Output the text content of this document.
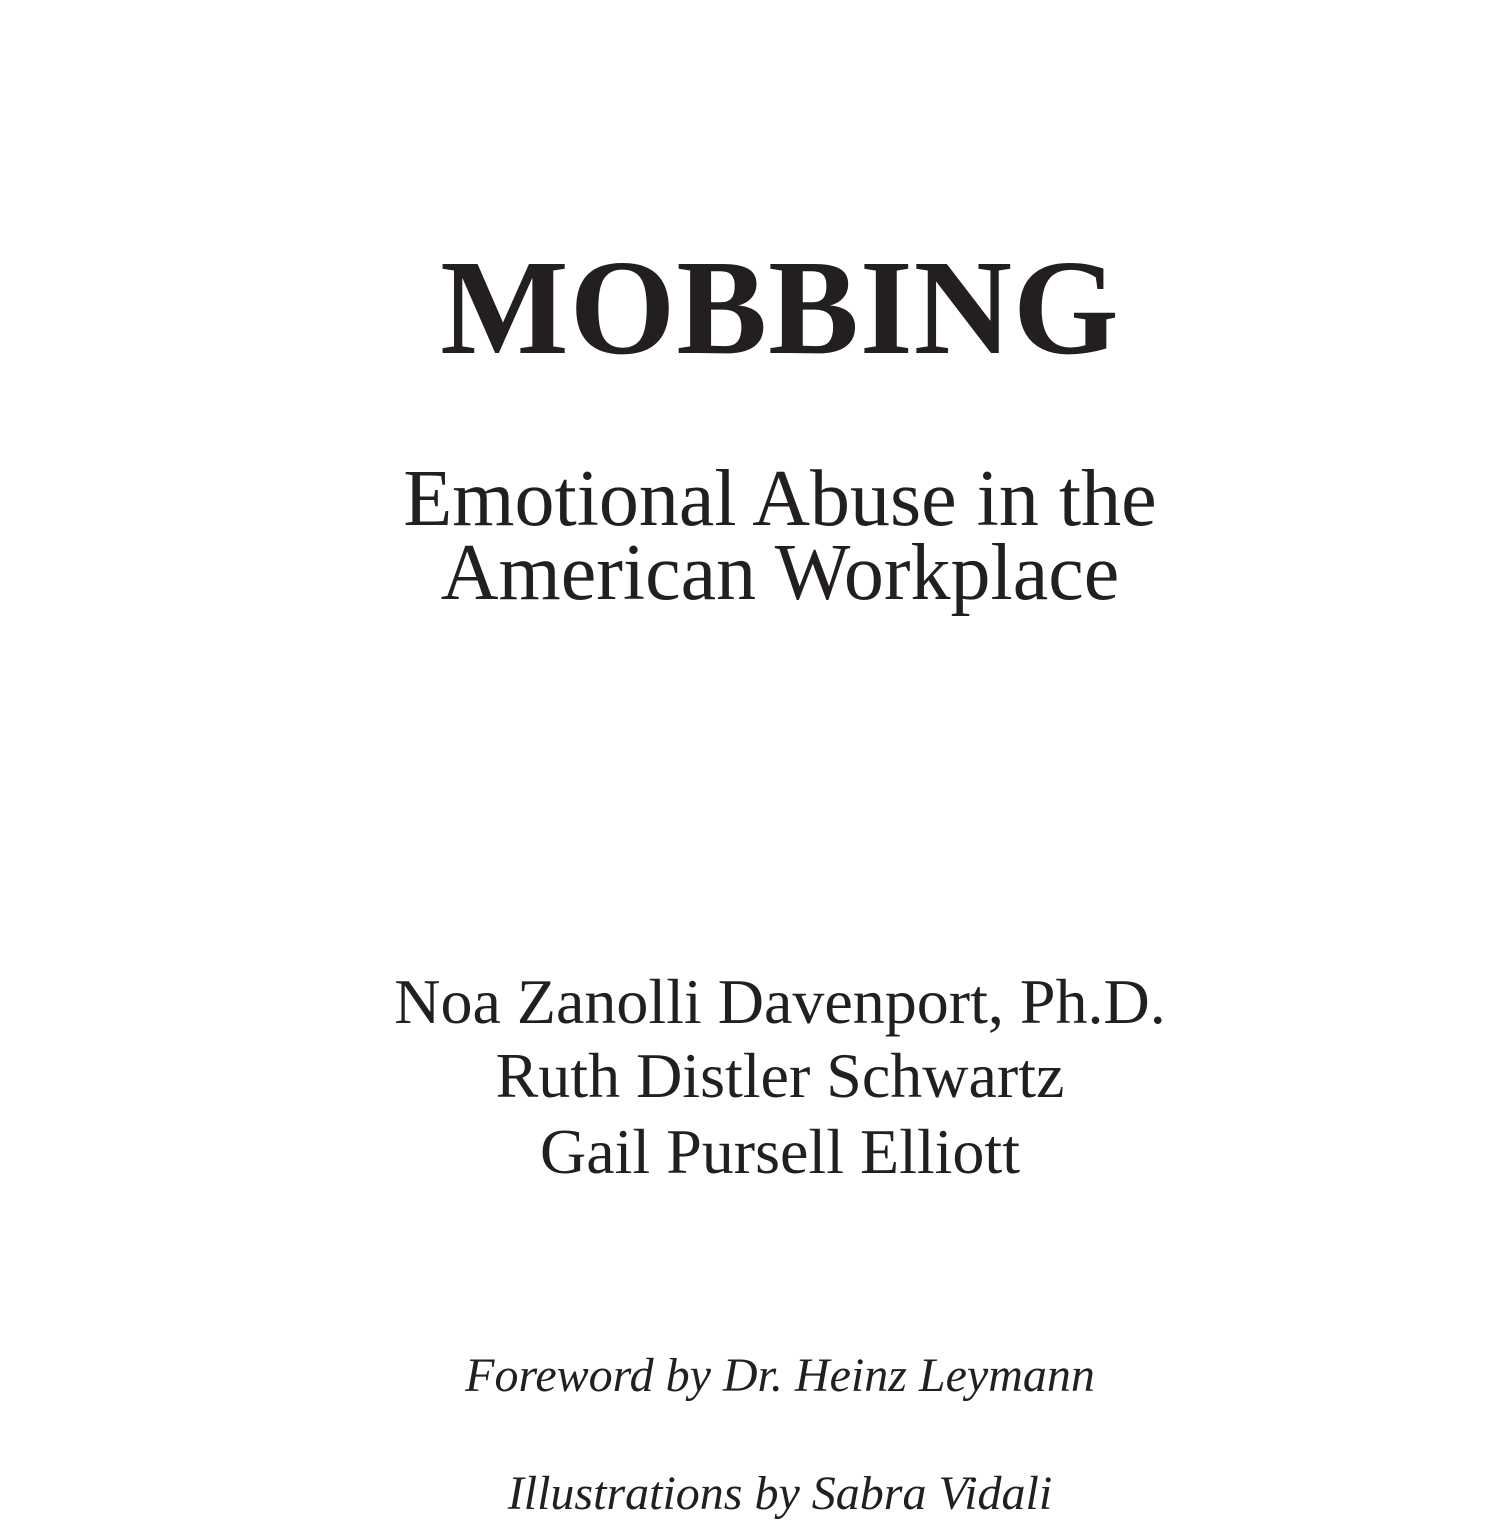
MOBBING
Emotional Abuse in the
American Workplace
Noa Zanolli Davenport, Ph.D.
Ruth Distler Schwartz
Gail Pursell Elliott
Foreword by Dr. Heinz Leymann
Illustrations by Sabra Vidali
